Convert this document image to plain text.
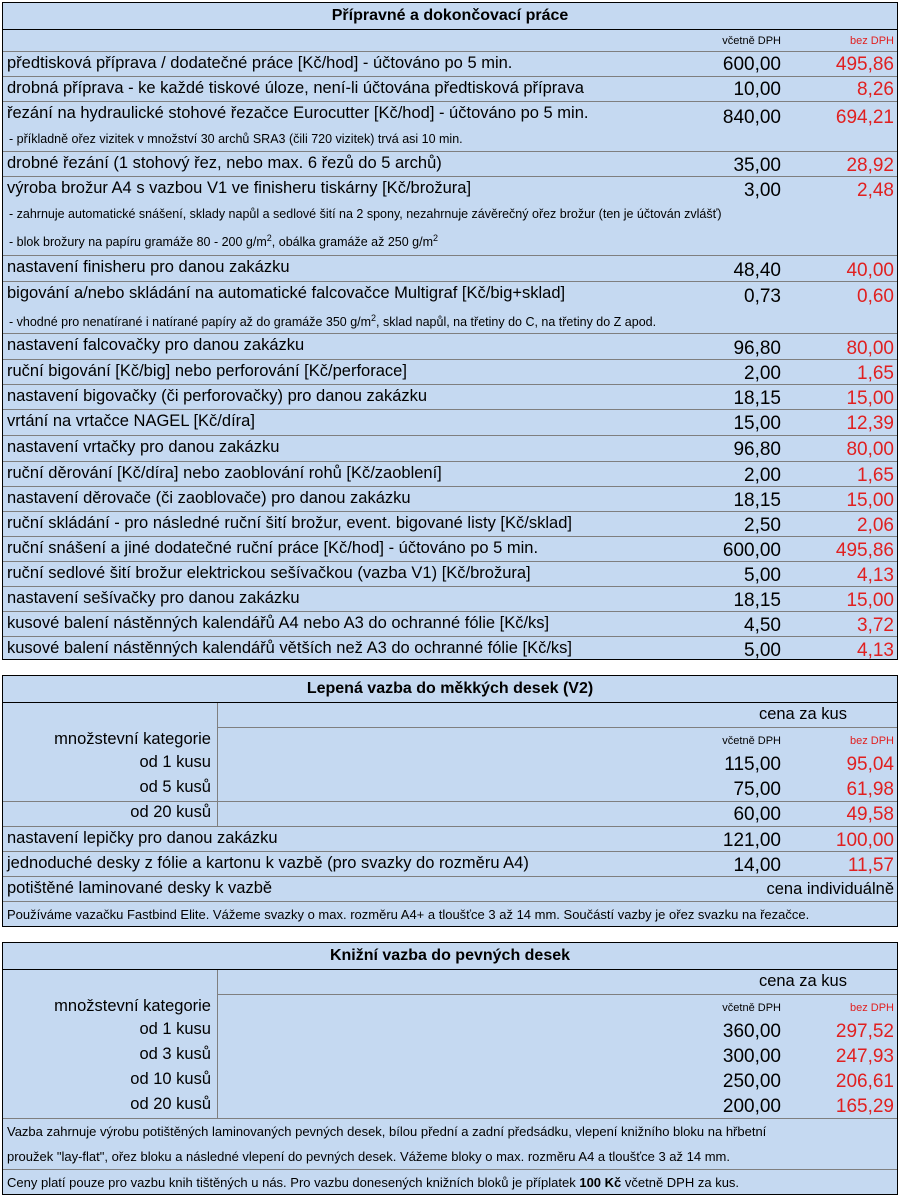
Přípravné a dokončovací práce
včetně DPH	bez DPH
předtisková příprava / dodatečné práce [Kč/hod] - účtováno po 5 min.	600,00	495,86
drobná příprava - ke každé tiskové úloze, není-li účtována předtisková příprava	10,00	8,26
řezání na hydraulické stohové řezačce Eurocutter [Kč/hod] - účtováno po 5 min.	840,00	694,21
- příkladně ořez vizitek v množství 30 archů SRA3 (čili 720 vizitek) trvá asi 10 min.
drobné řezání (1 stohový řez, nebo max. 6 řezů do 5 archů)	35,00	28,92
výroba brožur A4 s vazbou V1 ve finisheru tiskárny [Kč/brožura]	3,00	2,48
- zahrnuje automatické snášení, sklady napůl a sedlové šití na 2 spony, nezahrnuje závěrečný ořez brožur (ten je účtován zvlášť)
- blok brožury na papíru gramáže 80 - 200 $g/m^2$, obálka gramáže až 250 $g/m^2$
nastavení finisheru pro danou zakázku	48,40	40,00
bigování a/nebo skládání na automatické falcovačce Multigraf [Kč/big+sklad]	0,73	0,60
- vhodné pro nenatírané i natírané papíry až do gramáže 350 $g/m^2$, sklad napůl, na třetiny do C, na třetiny do Z apod.
nastavení falcovačky pro danou zakázku	96,80	80,00
ruční bigování [Kč/big] nebo perforování [Kč/perforace]	2,00	1,65
nastavení bigovačky (či perforovačky) pro danou zakázku	18,15	15,00
vrtání na vrtačce NAGEL [Kč/díra]	15,00	12,39
nastavení vrtačky pro danou zakázku	96,80	80,00
ruční děrování [Kč/díra] nebo zaoblování rohů [Kč/zaoblení]	2,00	1,65
nastavení děrovače (či zaoblovače) pro danou zakázku	18,15	15,00
ruční skládání - pro následné ruční šití brožur, event. bigované listy [Kč/sklad]	2,50	2,06
ruční snášení a jiné dodatečné ruční práce [Kč/hod] - účtováno po 5 min.	600,00	495,86
ruční sedlové šití brožur elektrickou sešívačkou (vazba V1) [Kč/brožura]	5,00	4,13
nastavení sešívačky pro danou zakázku	18,15	15,00
kusové balení nástěnných kalendářů A4 nebo A3 do ochranné fólie [Kč/ks]	4,50	3,72
kusové balení nástěnných kalendářů větších než A3 do ochranné fólie [Kč/ks]	5,00	4,13
Lepená vazba do měkkých desek (V2)
cena za kus
množstevní kategorie	včetně DPH	bez DPH
od 1 kusu	115,00	95,04
od 5 kusů	75,00	61,98
od 20 kusů	60,00	49,58
nastavení lepičky pro danou zakázku	121,00	100,00
jednoduché desky z fólie a kartonu k vazbě (pro svazky do rozměru A4)	14,00	11,57
potištěné laminované desky k vazbě	cena individuálně
Používáme vazačku Fastbind Elite. Vážeme svazky o max. rozměru A4+ a tloušťce 3 až 14 mm. Součástí vazby je ořez svazku na řezačce.
Knižní vazba do pevných desek
cena za kus
množstevní kategorie	včetně DPH	bez DPH
od 1 kusu	360,00	297,52
od 3 kusů	300,00	247,93
od 10 kusů	250,00	206,61
od 20 kusů	200,00	165,29
Vazba zahrnuje výrobu potištěných laminovaných pevných desek, bílou přední a zadní předsádku, vlepení knižního bloku na hřbetní
proužek "lay-flat", ořez bloku a následné vlepení do pevných desek. Vážeme bloky o max. rozměru A4 a tloušťce 3 až 14 mm.
Ceny platí pouze pro vazbu knih tištěných u nás. Pro vazbu donesených knižních bloků je příplatek 100 Kč včetně DPH za kus.
